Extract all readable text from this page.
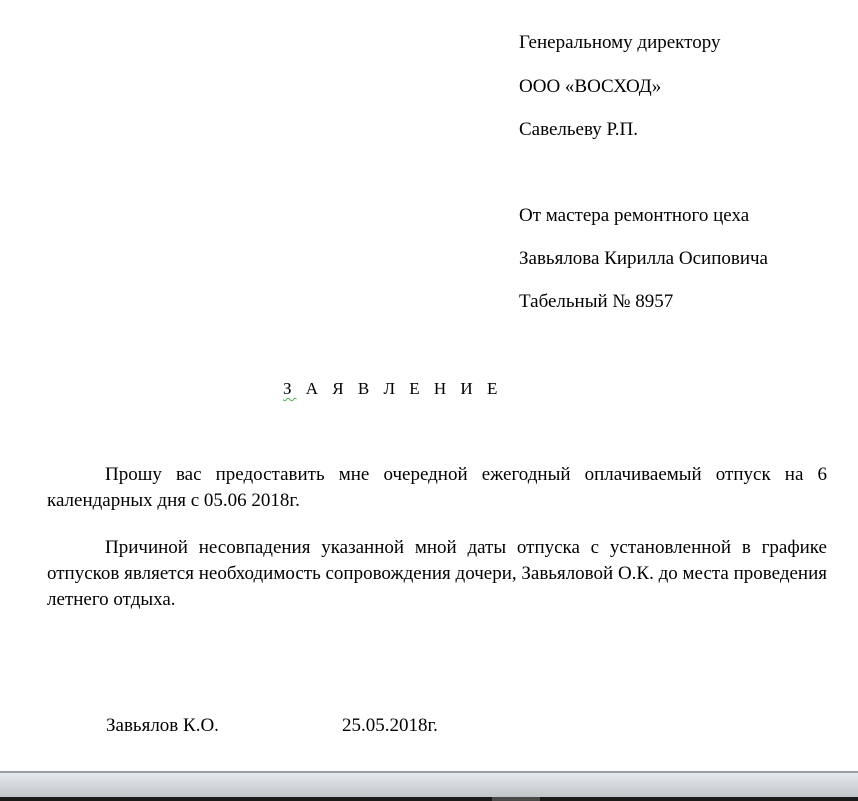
Генеральному директору
ООО «ВОСХОД»
Савельеву Р.П.
От мастера ремонтного цеха
Завьялова Кирилла Осиповича
Табельный № 8957
З А Я В Л Е Н И Е
Прошу вас предоставить мне очередной ежегодный оплачиваемый отпуск на 6 календарных дня с 05.06 2018г.
Причиной несовпадения указанной мной даты отпуска с установленной в графике отпусков является необходимость сопровождения дочери, Завьяловой О.К. до места проведения летнего отдыха.
Завьялов К.О.	25.05.2018г.
